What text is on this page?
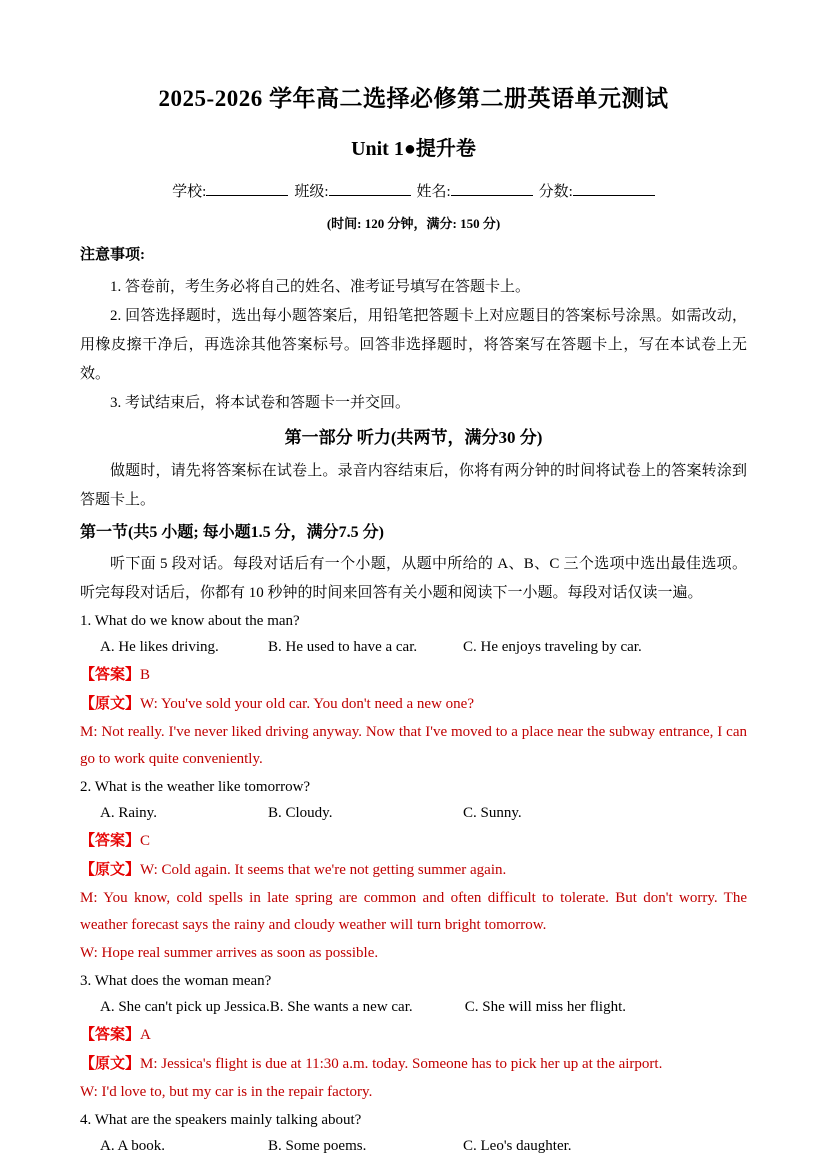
2025-2026 学年高二选择必修第二册英语单元测试
Unit 1●提升卷
学校:	班级:	姓名:	分数:
(时间: 120 分钟，满分: 150 分)
注意事项:

1. 答卷前，考生务必将自己的姓名、准考证号填写在答题卡上。

2. 回答选择题时，选出每小题答案后，用铅笔把答题卡上对应题目的答案标号涂黑。如需改动，用橡皮擦干净后，再选涂其他答案标号。回答非选择题时，将答案写在答题卡上，写在本试卷上无效。

3. 考试结束后，将本试卷和答题卡一并交回。

第一部分 听力(共两节，满分30 分)

做题时，请先将答案标在试卷上。录音内容结束后，你将有两分钟的时间将试卷上的答案转涂到答题卡上。

第一节(共5 小题; 每小题1.5 分，满分7.5 分)

听下面 5 段对话。每段对话后有一个小题，从题中所给的 A、B、C 三个选项中选出最佳选项。听完每段对话后，你都有 10 秒钟的时间来回答有关小题和阅读下一小题。每段对话仅读一遍。

1. What do we know about the man?

A. He likes driving.	B. He used to have a car.	C. He enjoys traveling by car.

【答案】B

【原文】W: You've sold your old car. You don't need a new one?

M: Not really. I've never liked driving anyway. Now that I've moved to a place near the subway entrance, I can go to work quite conveniently.

2. What is the weather like tomorrow?

A. Rainy.	B. Cloudy.	C. Sunny.

【答案】C

【原文】W: Cold again. It seems that we're not getting summer again.

M: You know, cold spells in late spring are common and often difficult to tolerate. But don't worry. The weather forecast says the rainy and cloudy weather will turn bright tomorrow.

W: Hope real summer arrives as soon as possible.

3. What does the woman mean?

A. She can't pick up Jessica.B. She wants a new car.	C. She will miss her flight.

【答案】A

【原文】M: Jessica's flight is due at 11:30 a.m. today. Someone has to pick her up at the airport.

W: I'd love to, but my car is in the repair factory.

4. What are the speakers mainly talking about?

A. A book.	B. Some poems.	C. Leo's daughter.
